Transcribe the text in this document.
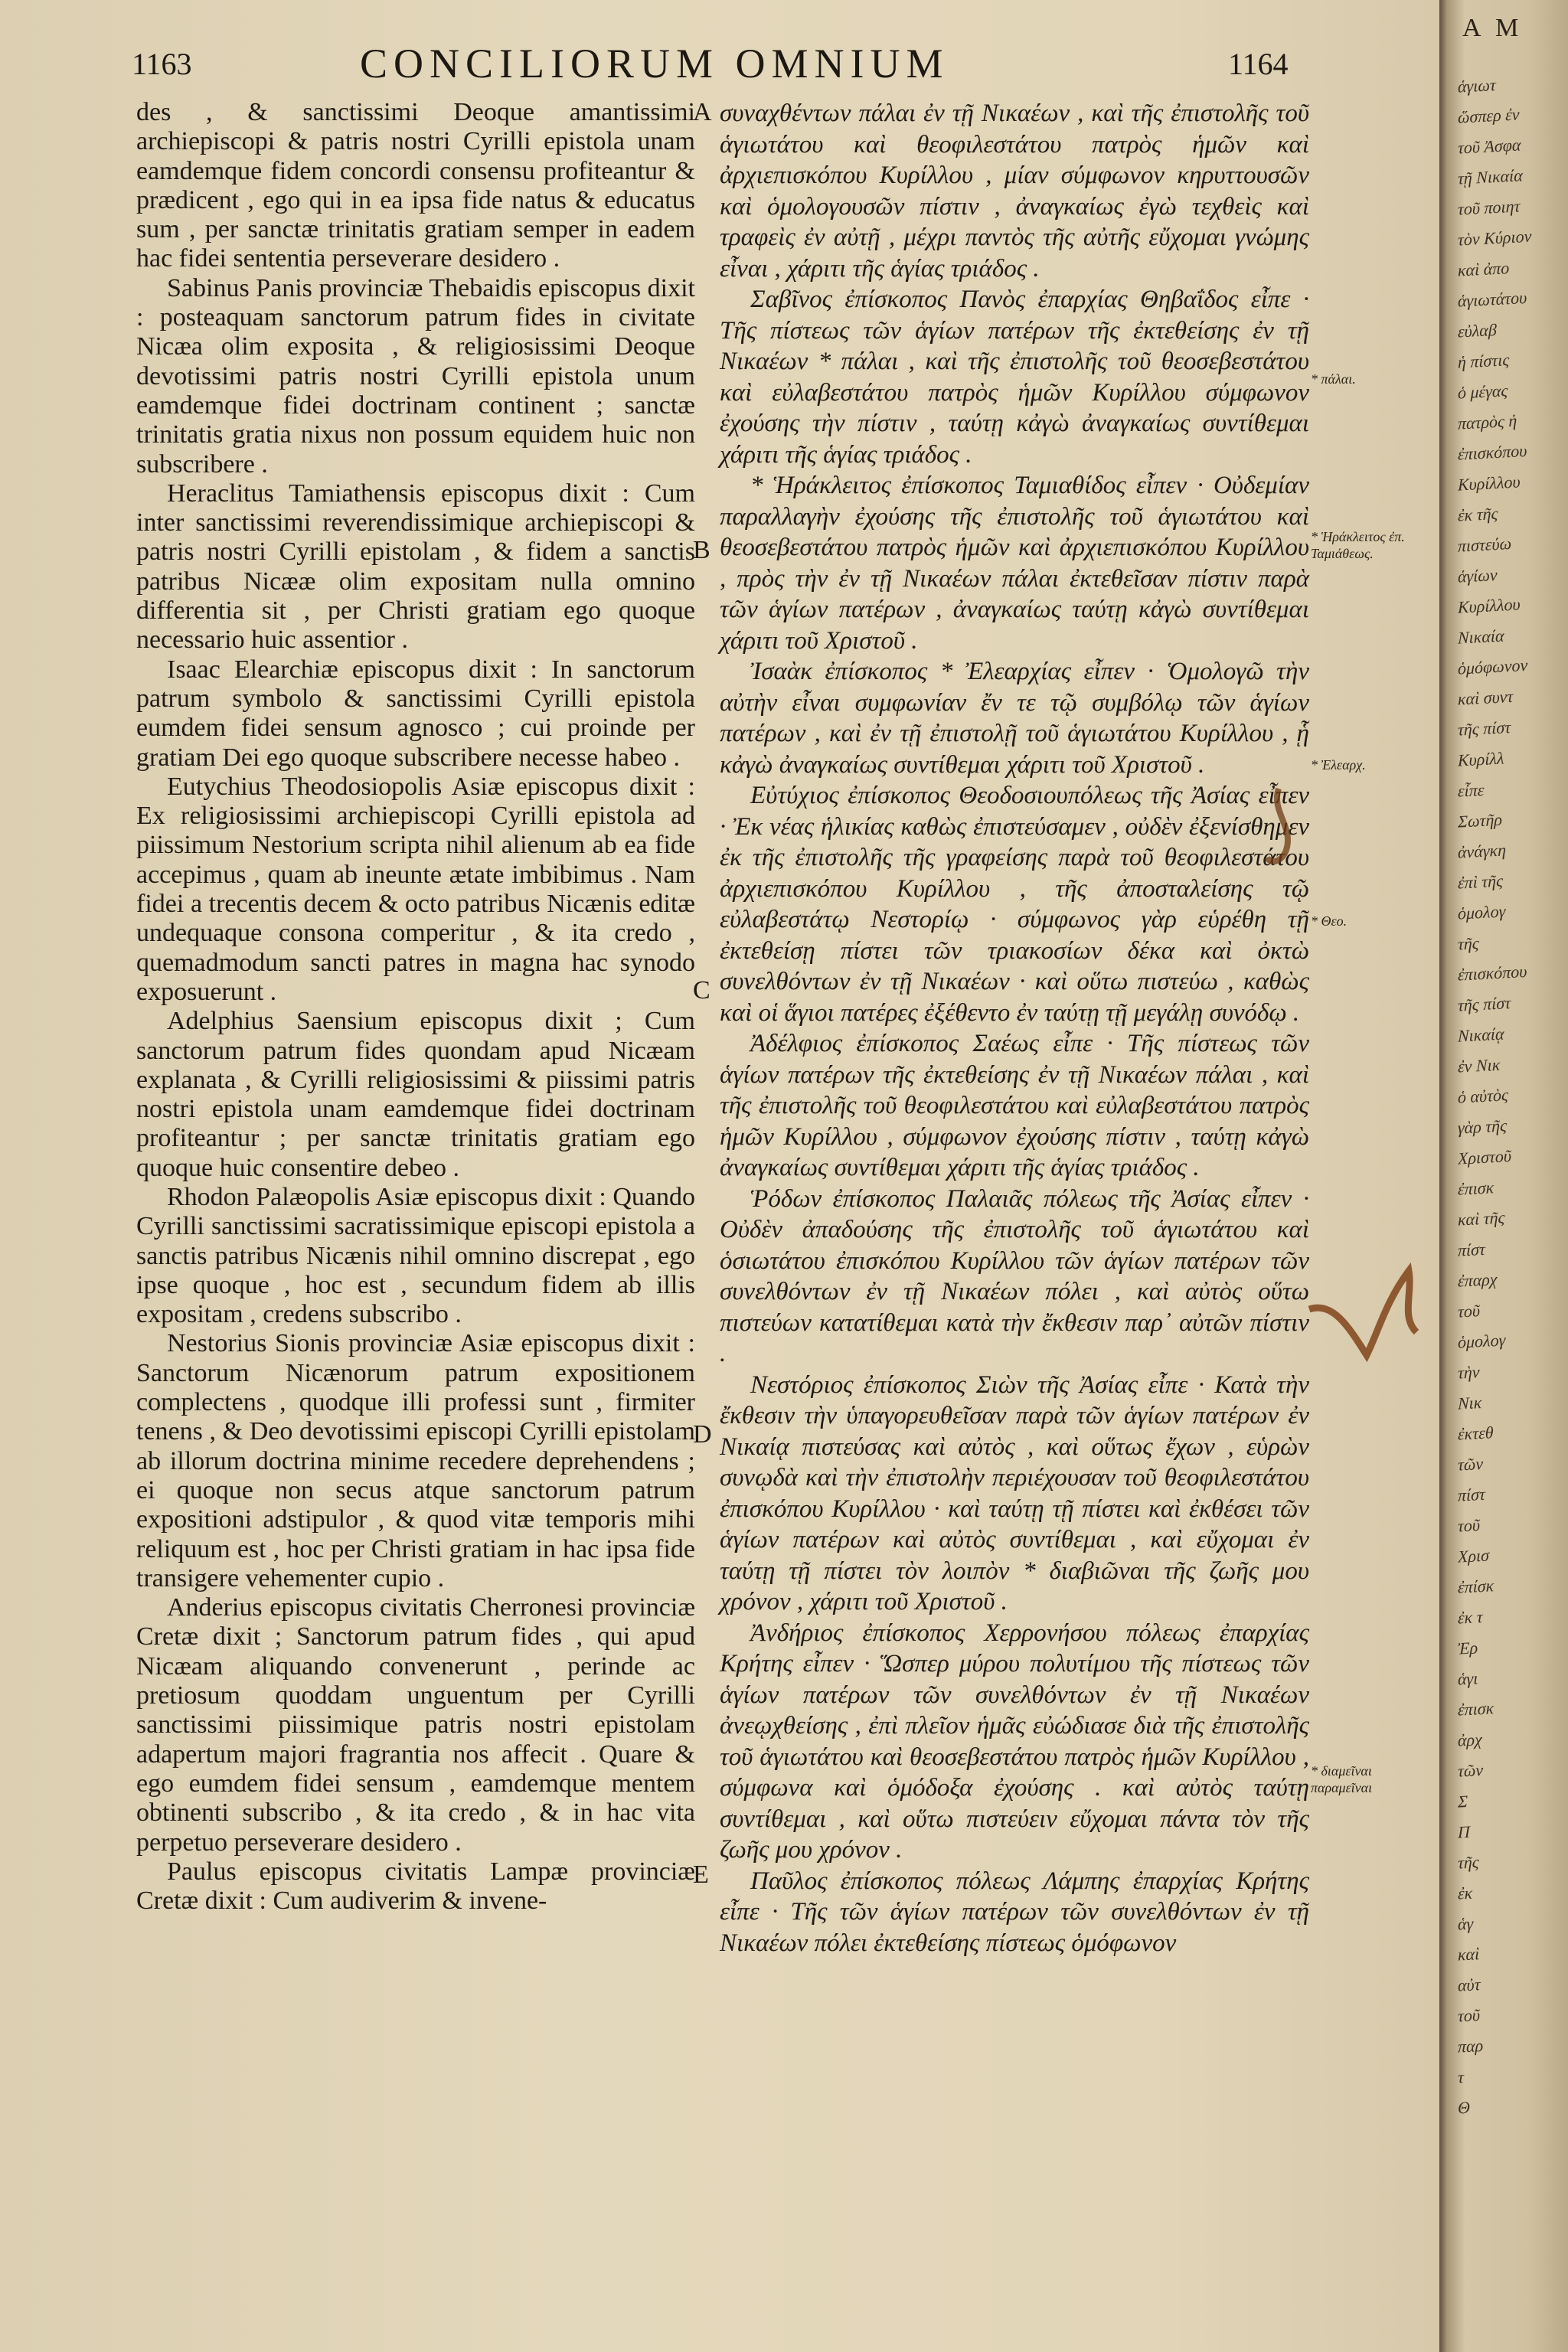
1163	CONCILIORUM OMNIUM	1164

des , & sanctissimi Deoque amantissimi archiepiscopi & patris nostri Cyrilli epistola unam eamdemque fidem concordi consensu profiteantur & prædicent , ego qui in ea ipsa fide natus & educatus sum , per sanctæ trinitatis gratiam semper in eadem hac fidei sententia perseverare desidero .

Sabinus Panis provinciæ Thebaidis episcopus dixit : posteaquam sanctorum patrum fides in civitate Nicæa olim exposita , & religiosissimi Deoque devotissimi patris nostri Cyrilli epistola unum eamdemque fidei doctrinam continent ; sanctæ trinitatis gratia nixus non possum equidem huic non subscribere .

Heraclitus Tamiathensis episcopus dixit : Cum inter sanctissimi reverendissimique archiepiscopi & patris nostri Cyrilli epistolam , & fidem a sanctis patribus Nicææ olim expositam nulla omnino differentia sit , per Christi gratiam ego quoque necessario huic assentior .

Isaac Elearchiæ episcopus dixit : In sanctorum patrum symbolo & sanctissimi Cyrilli epistola eumdem fidei sensum agnosco ; cui proinde per gratiam Dei ego quoque subscribere necesse habeo .

Eutychius Theodosiopolis Asiæ episcopus dixit : Ex religiosissimi archiepiscopi Cyrilli epistola ad piissimum Nestorium scripta nihil alienum ab ea fide accepimus , quam ab ineunte ætate imbibimus . Nam fidei a trecentis decem & octo patribus Nicænis editæ undequaque consona comperitur , & ita credo , quemadmodum sancti patres in magna hac synodo exposuerunt .

Adelphius Saensium episcopus dixit ; Cum sanctorum patrum fides quondam apud Nicæam explanata , & Cyrilli religiosissimi & piissimi patris nostri epistola unam eamdemque fidei doctrinam profiteantur ; per sanctæ trinitatis gratiam ego quoque huic consentire debeo .

Rhodon Palæopolis Asiæ episcopus dixit : Quando Cyrilli sanctissimi sacratissimique episcopi epistola a sanctis patribus Nicænis nihil omnino discrepat , ego ipse quoque , hoc est , secundum fidem ab illis expositam , credens subscribo .

Nestorius Sionis provinciæ Asiæ episcopus dixit : Sanctorum Nicænorum patrum expositionem complectens , quodque illi professi sunt , firmiter tenens , & Deo devotissimi episcopi Cyrilli epistolam ab illorum doctrina minime recedere deprehendens ; ei quoque non secus atque sanctorum patrum expositioni adstipulor , & quod vitæ temporis mihi reliquum est , hoc per Christi gratiam in hac ipsa fide transigere vehementer cupio .

Anderius episcopus civitatis Cherronesi provinciæ Cretæ dixit ; Sanctorum patrum fides , qui apud Nicæam aliquando convenerunt , perinde ac pretiosum quoddam unguentum per Cyrilli sanctissimi piissimique patris nostri epistolam adapertum majori fragrantia nos affecit . Quare & ego eumdem fidei sensum , eamdemque mentem obtinenti subscribo , & ita credo , & in hac vita perpetuo perseverare desidero .

Paulus episcopus civitatis Lampæ provinciæ Cretæ dixit : Cum audiverim & invene-

A
B
C
D
E

συναχθέντων πάλαι ἐν τῇ Νικαέων , καὶ τῆς ἐπιστολῆς τοῦ ἁγιωτάτου καὶ θεοφιλεστάτου πατρὸς ἡμῶν καὶ ἀρχιεπισκόπου Κυρίλλου , μίαν σύμφωνον κηρυττουσῶν καὶ ὁμολογουσῶν πίστιν , ἀναγκαίως ἐγὼ τεχθεὶς καὶ τραφεὶς ἐν αὐτῇ , μέχρι παντὸς τῆς αὐτῆς εὔχομαι γνώμης εἶναι , χάριτι τῆς ἁγίας τριάδος .

Σαβῖνος ἐπίσκοπος Πανὸς ἐπαρχίας Θηβαΐδος εἶπε · Τῆς πίστεως τῶν ἁγίων πατέρων τῆς ἐκτεθείσης ἐν τῇ Νικαέων * πάλαι , καὶ τῆς ἐπιστολῆς τοῦ θεοσεβεστάτου καὶ εὐλαβεστάτου πατρὸς ἡμῶν Κυρίλλου σύμφωνον ἐχούσης τὴν πίστιν , ταύτῃ κἀγὼ ἀναγκαίως συντίθεμαι χάριτι τῆς ἁγίας τριάδος .

* Ἡράκλειτος ἐπίσκοπος Ταμιαθίδος εἶπεν · Οὐδεμίαν παραλλαγὴν ἐχούσης τῆς ἐπιστολῆς τοῦ ἁγιωτάτου καὶ θεοσεβεστάτου πατρὸς ἡμῶν καὶ ἀρχιεπισκόπου Κυρίλλου , πρὸς τὴν ἐν τῇ Νικαέων πάλαι ἐκτεθεῖσαν πίστιν παρὰ τῶν ἁγίων πατέρων , ἀναγκαίως ταύτῃ κἀγὼ συντίθεμαι χάριτι τοῦ Χριστοῦ .

Ἰσαὰκ ἐπίσκοπος * Ἐλεαρχίας εἶπεν · Ὁμολογῶ τὴν αὐτὴν εἶναι συμφωνίαν ἔν τε τῷ συμβόλῳ τῶν ἁγίων πατέρων , καὶ ἐν τῇ ἐπιστολῇ τοῦ ἁγιωτάτου Κυρίλλου , ᾗ κἀγὼ ἀναγκαίως συντίθεμαι χάριτι τοῦ Χριστοῦ .

Εὐτύχιος ἐπίσκοπος Θεοδοσιουπόλεως τῆς Ἀσίας εἶπεν · Ἐκ νέας ἡλικίας καθὼς ἐπιστεύσαμεν , οὐδὲν ἐξενίσθημεν ἐκ τῆς ἐπιστολῆς τῆς γραφείσης παρὰ τοῦ θεοφιλεστάτου ἀρχιεπισκόπου Κυρίλλου , τῆς ἀποσταλείσης τῷ εὐλαβεστάτῳ Νεστορίῳ · σύμφωνος γὰρ εὑρέθη τῇ ἐκτεθείσῃ πίστει τῶν τριακοσίων δέκα καὶ ὀκτὼ συνελθόντων ἐν τῇ Νικαέων · καὶ οὕτω πιστεύω , καθὼς καὶ οἱ ἅγιοι πατέρες ἐξέθεντο ἐν ταύτῃ τῇ μεγάλῃ συνόδῳ .

Ἀδέλφιος ἐπίσκοπος Σαέως εἶπε · Τῆς πίστεως τῶν ἁγίων πατέρων τῆς ἐκτεθείσης ἐν τῇ Νικαέων πάλαι , καὶ τῆς ἐπιστολῆς τοῦ θεοφιλεστάτου καὶ εὐλαβεστάτου πατρὸς ἡμῶν Κυρίλλου , σύμφωνον ἐχούσης πίστιν , ταύτῃ κἀγὼ ἀναγκαίως συντίθεμαι χάριτι τῆς ἁγίας τριάδος .

Ῥόδων ἐπίσκοπος Παλαιᾶς πόλεως τῆς Ἀσίας εἶπεν · Οὐδὲν ἀπαδούσης τῆς ἐπιστολῆς τοῦ ἁγιωτάτου καὶ ὁσιωτάτου ἐπισκόπου Κυρίλλου τῶν ἁγίων πατέρων τῶν συνελθόντων ἐν τῇ Νικαέων πόλει , καὶ αὐτὸς οὕτω πιστεύων κατατίθεμαι κατὰ τὴν ἔκθεσιν παρ᾽ αὐτῶν πίστιν .

Νεστόριος ἐπίσκοπος Σιὼν τῆς Ἀσίας εἶπε · Κατὰ τὴν ἔκθεσιν τὴν ὑπαγορευθεῖσαν παρὰ τῶν ἁγίων πατέρων ἐν Νικαίᾳ πιστεύσας καὶ αὐτὸς , καὶ οὕτως ἔχων , εὑρὼν συνῳδὰ καὶ τὴν ἐπιστολὴν περιέχουσαν τοῦ θεοφιλεστάτου ἐπισκόπου Κυρίλλου · καὶ ταύτῃ τῇ πίστει καὶ ἐκθέσει τῶν ἁγίων πατέρων καὶ αὐτὸς συντίθεμαι , καὶ εὔχομαι ἐν ταύτῃ τῇ πίστει τὸν λοιπὸν * διαβιῶναι τῆς ζωῆς μου χρόνον , χάριτι τοῦ Χριστοῦ .

Ἀνδήριος ἐπίσκοπος Χερρονήσου πόλεως ἐπαρχίας Κρήτης εἶπεν · Ὥσπερ μύρου πολυτίμου τῆς πίστεως τῶν ἁγίων πατέρων τῶν συνελθόντων ἐν τῇ Νικαέων ἀνεῳχθείσης , ἐπὶ πλεῖον ἡμᾶς εὐώδιασε διὰ τῆς ἐπιστολῆς τοῦ ἁγιωτάτου καὶ θεοσεβεστάτου πατρὸς ἡμῶν Κυρίλλου , σύμφωνα καὶ ὁμόδοξα ἐχούσης . καὶ αὐτὸς ταύτῃ συντίθεμαι , καὶ οὕτω πιστεύειν εὔχομαι πάντα τὸν τῆς ζωῆς μου χρόνον .

Παῦλος ἐπίσκοπος πόλεως Λάμπης ἐπαρχίας Κρήτης εἶπε · Τῆς τῶν ἁγίων πατέρων τῶν συνελθόντων ἐν τῇ Νικαέων πόλει ἐκτεθείσης πίστεως ὁμόφωνον

* πάλαι.
* Ἡράκλειτος ἐπ. Ταμιάθεως.
* Ἐλεαρχ.
* Θεο.
* διαμεῖναι παραμεῖναι
A M
ἁγιωτ
ὥσπερ ἐν
τοῦ Ἀσφα
τῇ Νικαία
τοῦ ποιητ
τὸν Κύριον
καὶ ἀπο
ἁγιωτάτου
εὐλαβ
ἡ πίστις
ὁ μέγας
πατρὸς ἡ
ἐπισκόπου
Κυρίλλου
ἐκ τῆς
πιστεύω
ἁγίων
Κυρίλλου
Νικαία
ὁμόφωνον
καὶ συντ
τῆς πίστ
Κυρίλλ
εἶπε
Σωτῆρ
ἀνάγκη
ἐπὶ τῆς
ὁμολογ
τῆς
ἐπισκόπου
τῆς πίστ
Νικαίᾳ
ἐν Νικ
ὁ αὐτὸς
γὰρ τῆς
Χριστοῦ
ἐπισκ
καὶ τῆς
πίστ
ἐπαρχ
τοῦ
ὁμολογ
τὴν
Νικ
ἐκτεθ
τῶν
πίστ
τοῦ
Χρισ
ἐπίσκ
ἐκ τ
Ἐρ
ἁγι
ἐπισκ
ἀρχ
τῶν
Σ
Π
τῆς
ἐκ
ἁγ
καὶ
αὐτ
τοῦ
παρ
τ
Θ
